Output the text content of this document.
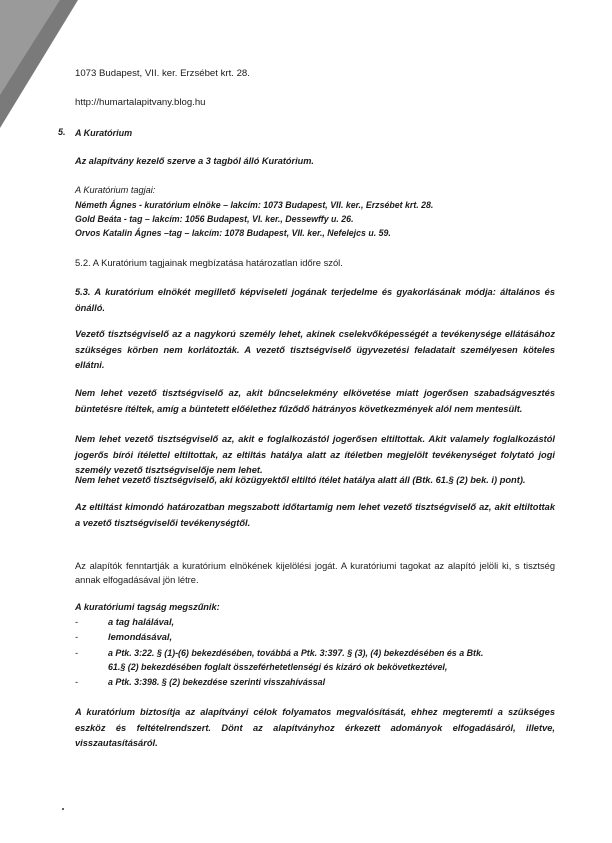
1073 Budapest, VII. ker. Erzsébet krt. 28.
http://humartalapitvany.blog.hu
5. A Kuratórium
Az alapítvány kezelő szerve a 3 tagból álló Kuratórium.
A Kuratórium tagjai:
Németh Ágnes - kuratórium elnöke – lakcím: 1073 Budapest, VII. ker., Erzsébet krt. 28.
Gold Beáta - tag – lakcím: 1056 Budapest, VI. ker., Dessewffy u. 26.
Orvos Katalin Ágnes –tag – lakcím: 1078 Budapest, VII. ker., Nefelejcs u. 59.
5.2. A Kuratórium tagjainak megbízatása határozatlan időre szól.
5.3. A kuratórium elnökét megillető képviseleti jogának terjedelme és gyakorlásának módja: általános és önálló.
Vezető tisztségviselő az a nagykorú személy lehet, akinek cselekvőképességét a tevékenysége ellátásához szükséges körben nem korlátozták. A vezető tisztségviselő ügyvezetési feladatait személyesen köteles ellátni.
Nem lehet vezető tisztségviselő az, akit bűncselekmény elkövetése miatt jogerősen szabadságvesztés büntetésre ítéltek, amíg a büntetett előélethez fűződő hátrányos következmények alól nem mentesült.
Nem lehet vezető tisztségviselő az, akit e foglalkozástól jogerősen eltiltottak. Akit valamely foglalkozástól jogerős bírói ítélettel eltiltottak, az eltiltás hatálya alatt az ítéletben megjelölt tevékenységet folytató jogi személy vezető tisztségviselője nem lehet.
Nem lehet vezető tisztségviselő, aki közügyektől eltiltó ítélet hatálya alatt áll (Btk. 61.§ (2) bek. i) pont).
Az eltiltást kimondó határozatban megszabott időtartamig nem lehet vezető tisztségviselő az, akit eltiltottak a vezető tisztségviselői tevékenységtől.
Az alapítók fenntartják a kuratórium elnökének kijelölési jogát. A kuratóriumi tagokat az alapító jelöli ki, s tisztség annak elfogadásával jön létre.
A kuratóriumi tagság megszűnik:
-	a tag halálával,
-	lemondásával,
-	a Ptk. 3:22. § (1)-(6) bekezdésében, továbbá a Ptk. 3:397. § (3), (4) bekezdésében és a Btk.
61.§ (2) bekezdésében foglalt összeférhetetlenségi és kizáró ok bekövetkeztével,
-	a Ptk. 3:398. § (2) bekezdése szerinti visszahívással
A kuratórium biztosítja az alapítványi célok folyamatos megvalósítását, ehhez megteremti a szükséges eszköz és feltételrendszert. Dönt az alapítványhoz érkezett adományok elfogadásáról, illetve, visszautasításáról.
